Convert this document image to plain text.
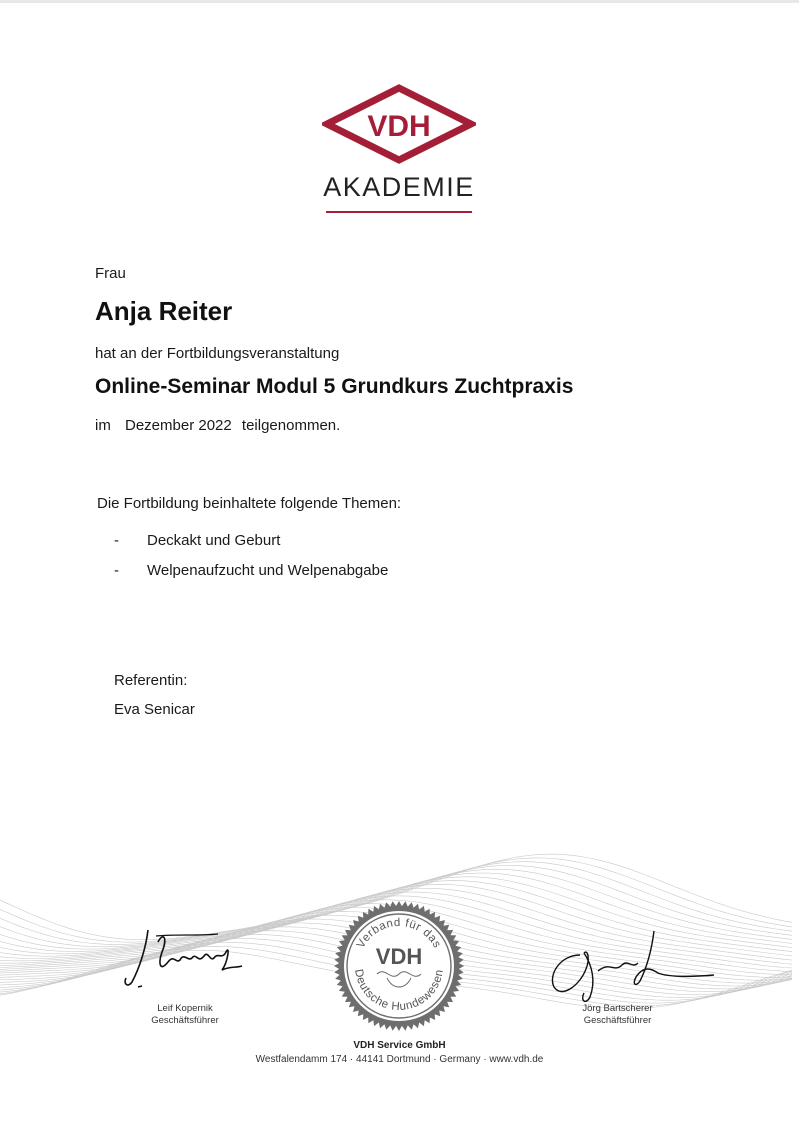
VDH
AKADEMIE
Frau
Anja Reiter
hat an der Fortbildungsveranstaltung
Online-Seminar Modul 5 Grundkurs Zuchtpraxis
im Dezember 2022 teilgenommen.
Die Fortbildung beinhaltete folgende Themen:
- Deckakt und Geburt
- Welpenaufzucht und Welpenabgabe
Referentin:
Eva Senicar
Leif Kopernik
Geschäftsführer
Jörg Bartscherer
Geschäftsführer
Verband für das
Deutsche Hundewesen
VDH
VDH Service GmbH
Westfalendamm 174 · 44141 Dortmund · Germany · www.vdh.de
